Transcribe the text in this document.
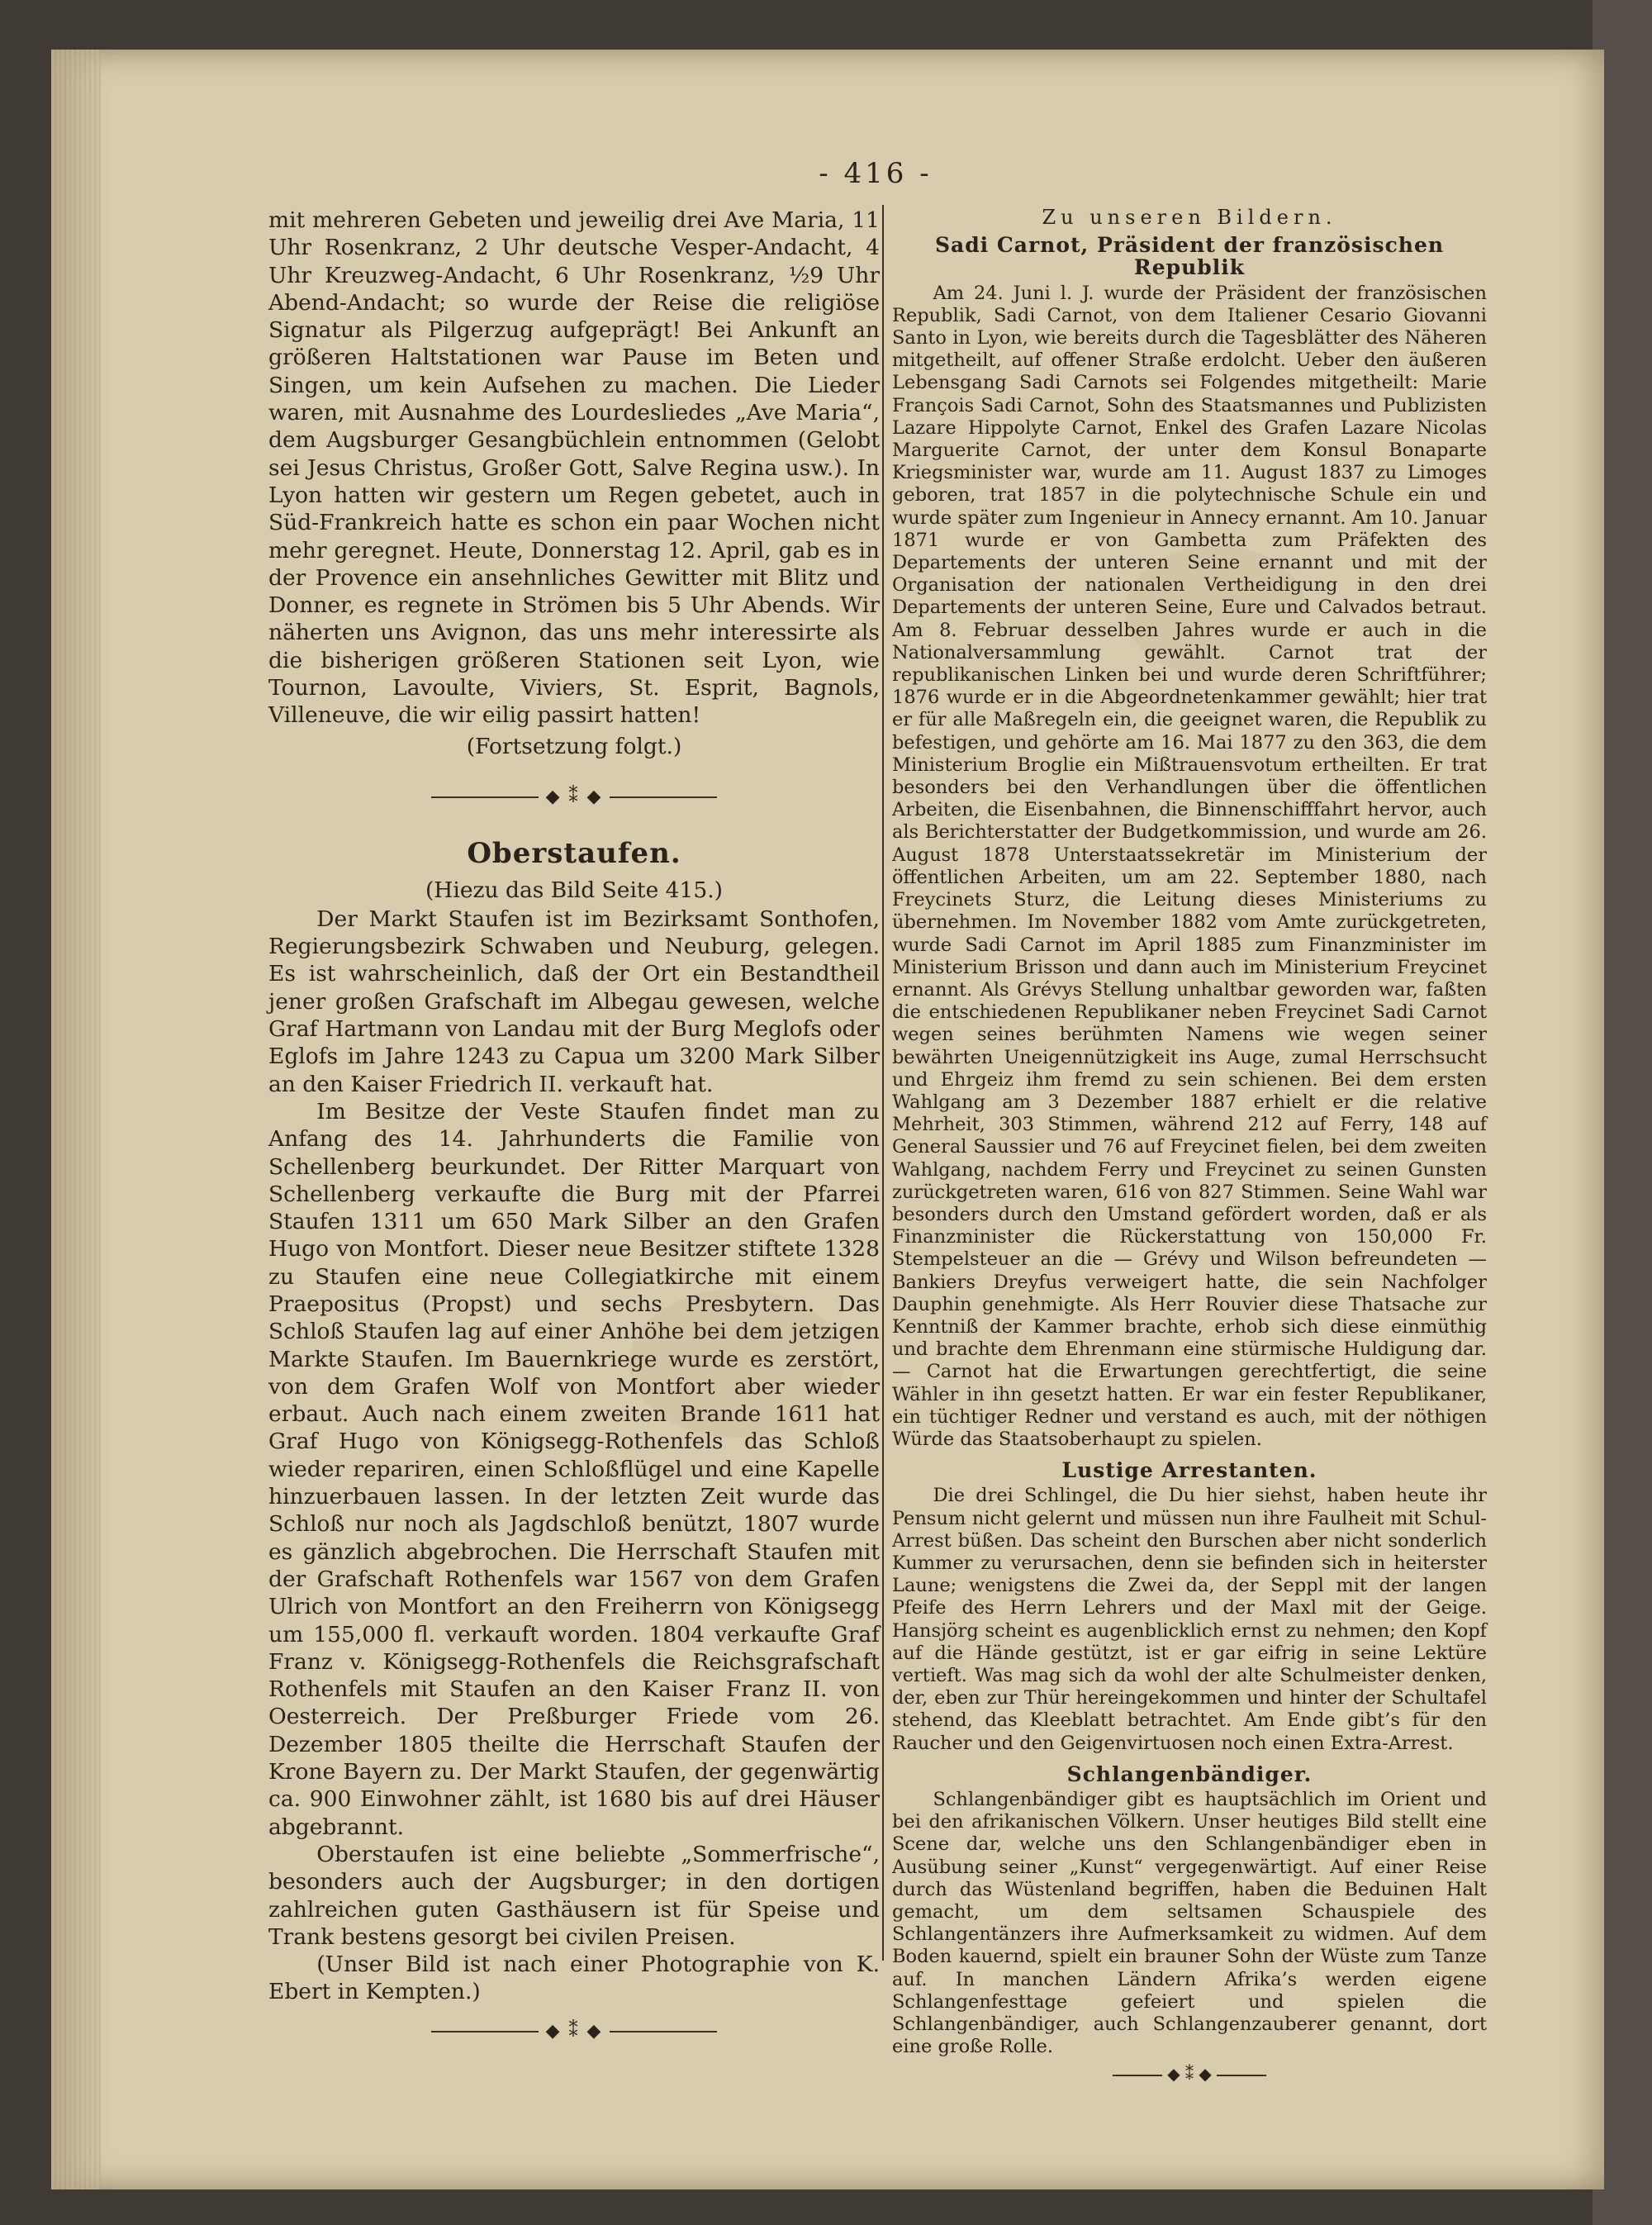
- 416 -

mit mehreren Gebeten und jeweilig drei Ave Maria, 11 Uhr Rosenkranz, 2 Uhr deutsche Vesper-Andacht, 4 Uhr Kreuzweg-Andacht, 6 Uhr Rosenkranz, ½9 Uhr Abend-Andacht; so wurde der Reise die religiöse Signatur als Pilgerzug aufgeprägt! Bei Ankunft an größeren Haltstationen war Pause im Beten und Singen, um kein Aufsehen zu machen. Die Lieder waren, mit Ausnahme des Lourdesliedes „Ave Maria“, dem Augsburger Gesangbüchlein entnommen (Gelobt sei Jesus Christus, Großer Gott, Salve Regina usw.). In Lyon hatten wir gestern um Regen gebetet, auch in Süd-Frankreich hatte es schon ein paar Wochen nicht mehr geregnet. Heute, Donnerstag 12. April, gab es in der Provence ein ansehnliches Gewitter mit Blitz und Donner, es regnete in Strömen bis 5 Uhr Abends. Wir näherten uns Avignon, das uns mehr interessirte als die bisherigen größeren Stationen seit Lyon, wie Tournon, Lavoulte, Viviers, St. Esprit, Bagnols, Villeneuve, die wir eilig passirt hatten!

(Fortsetzung folgt.)

◆ ⁑ ◆
Oberstaufen.

(Hiezu das Bild Seite 415.)

Der Markt Staufen ist im Bezirksamt Sonthofen, Regierungsbezirk Schwaben und Neuburg, gelegen. Es ist wahrscheinlich, daß der Ort ein Bestandtheil jener großen Grafschaft im Albegau gewesen, welche Graf Hartmann von Landau mit der Burg Meglofs oder Eglofs im Jahre 1243 zu Capua um 3200 Mark Silber an den Kaiser Friedrich II. verkauft hat.

Im Besitze der Veste Staufen findet man zu Anfang des 14. Jahrhunderts die Familie von Schellenberg beurkundet. Der Ritter Marquart von Schellenberg verkaufte die Burg mit der Pfarrei Staufen 1311 um 650 Mark Silber an den Grafen Hugo von Montfort. Dieser neue Besitzer stiftete 1328 zu Staufen eine neue Collegiatkirche mit einem Praepositus (Propst) und sechs Presbytern. Das Schloß Staufen lag auf einer Anhöhe bei dem jetzigen Markte Staufen. Im Bauernkriege wurde es zerstört, von dem Grafen Wolf von Montfort aber wieder erbaut. Auch nach einem zweiten Brande 1611 hat Graf Hugo von Königsegg-Rothenfels das Schloß wieder repariren, einen Schloßflügel und eine Kapelle hinzuerbauen lassen. In der letzten Zeit wurde das Schloß nur noch als Jagdschloß benützt, 1807 wurde es gänzlich abgebrochen. Die Herrschaft Staufen mit der Grafschaft Rothenfels war 1567 von dem Grafen Ulrich von Montfort an den Freiherrn von Königsegg um 155,000 fl. verkauft worden. 1804 verkaufte Graf Franz v. Königsegg-Rothenfels die Reichsgrafschaft Rothenfels mit Staufen an den Kaiser Franz II. von Oesterreich. Der Preßburger Friede vom 26. Dezember 1805 theilte die Herrschaft Staufen der Krone Bayern zu. Der Markt Staufen, der gegenwärtig ca. 900 Einwohner zählt, ist 1680 bis auf drei Häuser abgebrannt.

Oberstaufen ist eine beliebte „Sommerfrische“, besonders auch der Augsburger; in den dortigen zahlreichen guten Gasthäusern ist für Speise und Trank bestens gesorgt bei civilen Preisen.

(Unser Bild ist nach einer Photographie von K. Ebert in Kempten.)

◆ ⁑ ◆
Zu unseren Bildern.
Sadi Carnot, Präsident der französischen Republik

Am 24. Juni l. J. wurde der Präsident der französischen Republik, Sadi Carnot, von dem Italiener Cesario Giovanni Santo in Lyon, wie bereits durch die Tagesblätter des Näheren mitgetheilt, auf offener Straße erdolcht. Ueber den äußeren Lebensgang Sadi Carnots sei Folgendes mitgetheilt: Marie François Sadi Carnot, Sohn des Staatsmannes und Publizisten Lazare Hippolyte Carnot, Enkel des Grafen Lazare Nicolas Marguerite Carnot, der unter dem Konsul Bonaparte Kriegsminister war, wurde am 11. August 1837 zu Limoges geboren, trat 1857 in die polytechnische Schule ein und wurde später zum Ingenieur in Annecy ernannt. Am 10. Januar 1871 wurde er von Gambetta zum Präfekten des Departements der unteren Seine ernannt und mit der Organisation der nationalen Vertheidigung in den drei Departements der unteren Seine, Eure und Calvados betraut. Am 8. Februar desselben Jahres wurde er auch in die Nationalversammlung gewählt. Carnot trat der republikanischen Linken bei und wurde deren Schriftführer; 1876 wurde er in die Abgeordnetenkammer gewählt; hier trat er für alle Maßregeln ein, die geeignet waren, die Republik zu befestigen, und gehörte am 16. Mai 1877 zu den 363, die dem Ministerium Broglie ein Mißtrauensvotum ertheilten. Er trat besonders bei den Verhandlungen über die öffentlichen Arbeiten, die Eisenbahnen, die Binnenschifffahrt hervor, auch als Berichterstatter der Budgetkommission, und wurde am 26. August 1878 Unterstaatssekretär im Ministerium der öffentlichen Arbeiten, um am 22. September 1880, nach Freycinets Sturz, die Leitung dieses Ministeriums zu übernehmen. Im November 1882 vom Amte zurückgetreten, wurde Sadi Carnot im April 1885 zum Finanzminister im Ministerium Brisson und dann auch im Ministerium Freycinet ernannt. Als Grévys Stellung unhaltbar geworden war, faßten die entschiedenen Republikaner neben Freycinet Sadi Carnot wegen seines berühmten Namens wie wegen seiner bewährten Uneigennützigkeit ins Auge, zumal Herrschsucht und Ehrgeiz ihm fremd zu sein schienen. Bei dem ersten Wahlgang am 3 Dezember 1887 erhielt er die relative Mehrheit, 303 Stimmen, während 212 auf Ferry, 148 auf General Saussier und 76 auf Freycinet fielen, bei dem zweiten Wahlgang, nachdem Ferry und Freycinet zu seinen Gunsten zurückgetreten waren, 616 von 827 Stimmen. Seine Wahl war besonders durch den Umstand gefördert worden, daß er als Finanzminister die Rückerstattung von 150,000 Fr. Stempelsteuer an die — Grévy und Wilson befreundeten — Bankiers Dreyfus verweigert hatte, die sein Nachfolger Dauphin genehmigte. Als Herr Rouvier diese Thatsache zur Kenntniß der Kammer brachte, erhob sich diese einmüthig und brachte dem Ehrenmann eine stürmische Huldigung dar. — Carnot hat die Erwartungen gerechtfertigt, die seine Wähler in ihn gesetzt hatten. Er war ein fester Republikaner, ein tüchtiger Redner und verstand es auch, mit der nöthigen Würde das Staatsoberhaupt zu spielen.

Lustige Arrestanten.

Die drei Schlingel, die Du hier siehst, haben heute ihr Pensum nicht gelernt und müssen nun ihre Faulheit mit Schul-Arrest büßen. Das scheint den Burschen aber nicht sonderlich Kummer zu verursachen, denn sie befinden sich in heiterster Laune; wenigstens die Zwei da, der Seppl mit der langen Pfeife des Herrn Lehrers und der Maxl mit der Geige. Hansjörg scheint es augenblicklich ernst zu nehmen; den Kopf auf die Hände gestützt, ist er gar eifrig in seine Lektüre vertieft. Was mag sich da wohl der alte Schulmeister denken, der, eben zur Thür hereingekommen und hinter der Schultafel stehend, das Kleeblatt betrachtet. Am Ende gibt’s für den Raucher und den Geigenvirtuosen noch einen Extra-Arrest.

Schlangenbändiger.

Schlangenbändiger gibt es hauptsächlich im Orient und bei den afrikanischen Völkern. Unser heutiges Bild stellt eine Scene dar, welche uns den Schlangenbändiger eben in Ausübung seiner „Kunst“ vergegenwärtigt. Auf einer Reise durch das Wüstenland begriffen, haben die Beduinen Halt gemacht, um dem seltsamen Schauspiele des Schlangentänzers ihre Aufmerksamkeit zu widmen. Auf dem Boden kauernd, spielt ein brauner Sohn der Wüste zum Tanze auf. In manchen Ländern Afrika’s werden eigene Schlangenfesttage gefeiert und spielen die Schlangenbändiger, auch Schlangenzauberer genannt, dort eine große Rolle.

◆ ⁑ ◆
